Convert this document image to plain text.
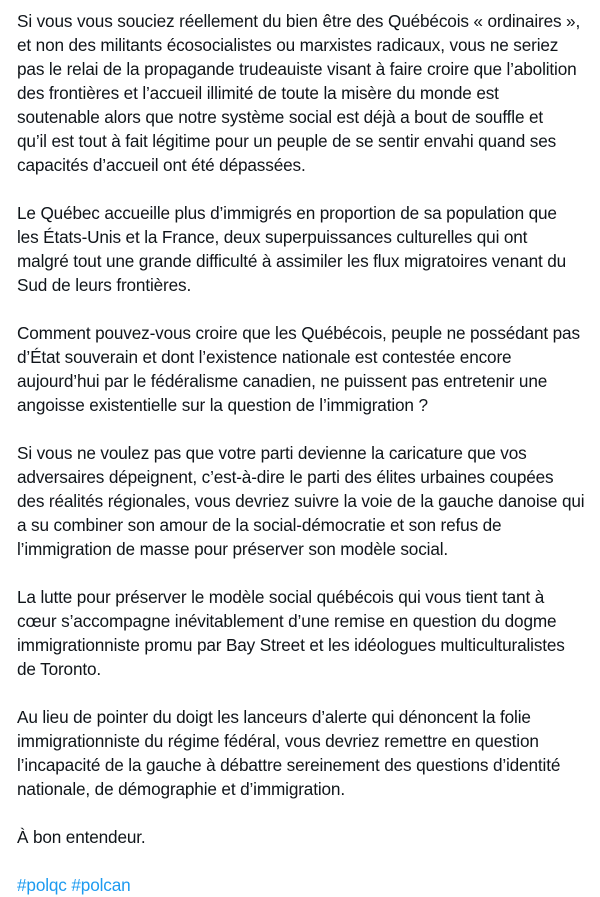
Si vous vous souciez réellement du bien être des Québécois « ordinaires »,
et non des militants écosocialistes ou marxistes radicaux, vous ne seriez
pas le relai de la propagande trudeauiste visant à faire croire que l’abolition
des frontières et l’accueil illimité de toute la misère du monde est
soutenable alors que notre système social est déjà a bout de souffle et
qu’il est tout à fait légitime pour un peuple de se sentir envahi quand ses
capacités d’accueil ont été dépassées.

Le Québec accueille plus d’immigrés en proportion de sa population que
les États-Unis et la France, deux superpuissances culturelles qui ont
malgré tout une grande difficulté à assimiler les flux migratoires venant du
Sud de leurs frontières.

Comment pouvez-vous croire que les Québécois, peuple ne possédant pas
d’État souverain et dont l’existence nationale est contestée encore
aujourd’hui par le fédéralisme canadien, ne puissent pas entretenir une
angoisse existentielle sur la question de l’immigration ?

Si vous ne voulez pas que votre parti devienne la caricature que vos
adversaires dépeignent, c’est-à-dire le parti des élites urbaines coupées
des réalités régionales, vous devriez suivre la voie de la gauche danoise qui
a su combiner son amour de la social-démocratie et son refus de
l’immigration de masse pour préserver son modèle social.

La lutte pour préserver le modèle social québécois qui vous tient tant à
cœur s’accompagne inévitablement d’une remise en question du dogme
immigrationniste promu par Bay Street et les idéologues multiculturalistes
de Toronto.

Au lieu de pointer du doigt les lanceurs d’alerte qui dénoncent la folie
immigrationniste du régime fédéral, vous devriez remettre en question
l’incapacité de la gauche à débattre sereinement des questions d’identité
nationale, de démographie et d’immigration.

À bon entendeur.

#polqc #polcan
